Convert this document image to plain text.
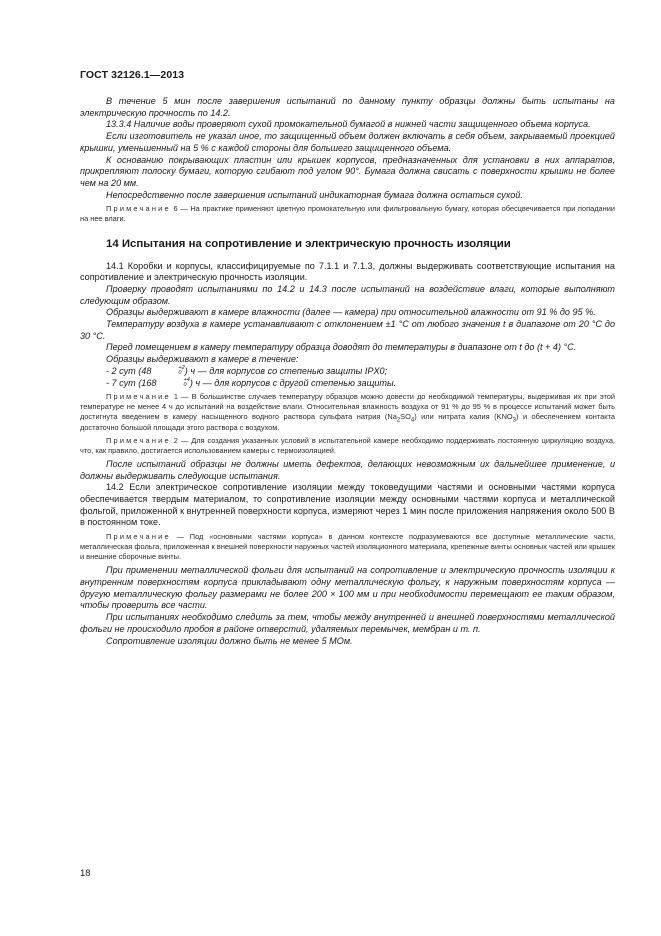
ГОСТ 32126.1—2013

В течение 5 мин после завершения испытаний по данному пункту образцы должны быть испытаны на электрическую прочность по 14.2.

13.3.4 Наличие воды проверяют сухой промокательной бумагой в нижней части защищенного объема корпуса.

Если изготовитель не указал иное, то защищенный объем должен включать в себя объем, закрываемый проекцией крышки, уменьшенный на 5 % с каждой стороны для большего защищенного объема.

К основанию покрывающих пластин или крышек корпусов, предназначенных для установки в них аппаратов, прикрепляют полоску бумаги, которую сгибают под углом 90°. Бумага должна свисать с поверхности крышки не более чем на 20 мм.

Непосредственно после завершения испытаний индикаторная бумага должна остаться сухой.

Примечание 6 — На практике применяют цветную промокательную или фильтровальную бумагу, которая обесцвечивается при попадании на нее влаги.

14 Испытания на сопротивление и электрическую прочность изоляции

14.1 Коробки и корпусы, классифицируемые по 7.1.1 и 7.1.3, должны выдерживать соответствующие испытания на сопротивление и электрическую прочность изоляции.

Проверку проводят испытаниями по 14.2 и 14.3 после испытаний на воздействие влаги, которые выполняют следующим образом.

Образцы выдерживают в камере влажности (далее — камера) при относительной влажности от 91 % до 95 %.

Температуру воздуха в камере устанавливают с отклонением ±1 °С от любого значения t в диапазоне от 20 °С до 30 °С.

Перед помещением в камеру температуру образца доводят до температуры в диапазоне от t до (t + 4) °С.

Образцы выдерживают в камере в течение:

- 2 сут (48	+2
0 ) ч — для корпусов со степенью защиты IPX0;

- 7 сут (168	+4
0 ) ч — для корпусов с другой степенью защиты.

Примечание 1 — В большинстве случаев температуру образцов можно довести до необходимой температуры, выдерживая их при этой температуре не менее 4 ч до испытаний на воздействие влаги. Относительная влажность воздуха от 91 % до 95 % в процессе испытаний может быть достигнута введением в камеру насыщенного водного раствора сульфата натрия $(Na_2SO_4)$ или нитрата калия $(KNO_3)$ и обеспечением контакта достаточно большой площади этого раствора с воздухом.

Примечание 2 — Для создания указанных условий в испытательной камере необходимо поддерживать постоянную циркуляцию воздуха, что, как правило, достигается использованием камеры с термоизоляцией.

После испытаний образцы не должны иметь дефектов, делающих невозможным их дальнейшее применение, и должны выдерживать следующие испытания.

14.2 Если электрическое сопротивление изоляции между токоведущими частями и основными частями корпуса обеспечивается твердым материалом, то сопротивление изоляции между основными частями корпуса и металлической фольгой, приложенной к внутренней поверхности корпуса, измеряют через 1 мин после приложения напряжения около 500 В в постоянном токе.

Примечание — Под «основными частями корпуса» в данном контексте подразумеваются все доступные металлические части, металлическая фольга, приложенная к внешней поверхности наружных частей изоляционного материала, крепежные винты основных частей или крышек и внешние сборочные винты.

При применении металлической фольги для испытаний на сопротивление и электрическую прочность изоляции к внутренним поверхностям корпуса прикладывают одну металлическую фольгу, к наружным поверхностям корпуса — другую металлическую фольгу размерами не более 200 × 100 мм и при необходимости перемещают ее таким образом, чтобы проверить все части.

При испытаниях необходимо следить за тем, чтобы между внутренней и внешней поверхностями металлической фольги не происходило пробоя в районе отверстий, удаляемых перемычек, мембран и т. п.

Сопротивление изоляции должно быть не менее 5 МОм.

18
